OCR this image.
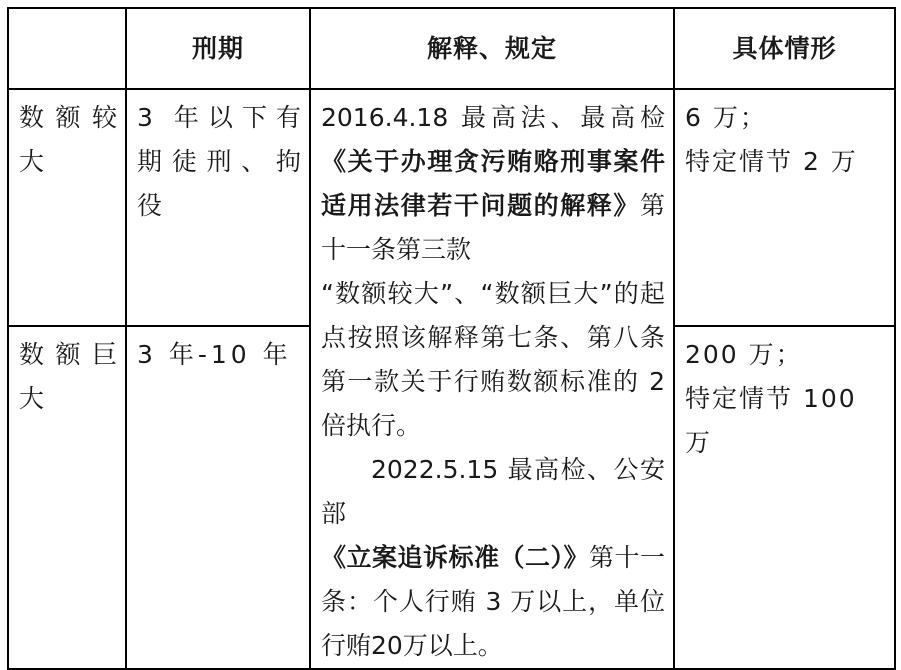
	刑期	解释、规定	具体情形
数额较大	3 年以下有期徒刑、拘役	2016.4.18 最高法、最高检《关于办理贪污贿赂刑事案件适用法律若干问题的解释》第十一条第三款
“数额较大”、“数额巨大”的起点按照该解释第七条、第八条第一款关于行贿数额标准的 2 倍执行。
2022.5.15 最高检、公安部
《立案追诉标准（二）》第十一条：个人行贿 3 万以上，单位行贿20万以上。	6 万；
特定情节 2 万

数额巨大	3 年-10 年		200 万；
特定情节 100 万
